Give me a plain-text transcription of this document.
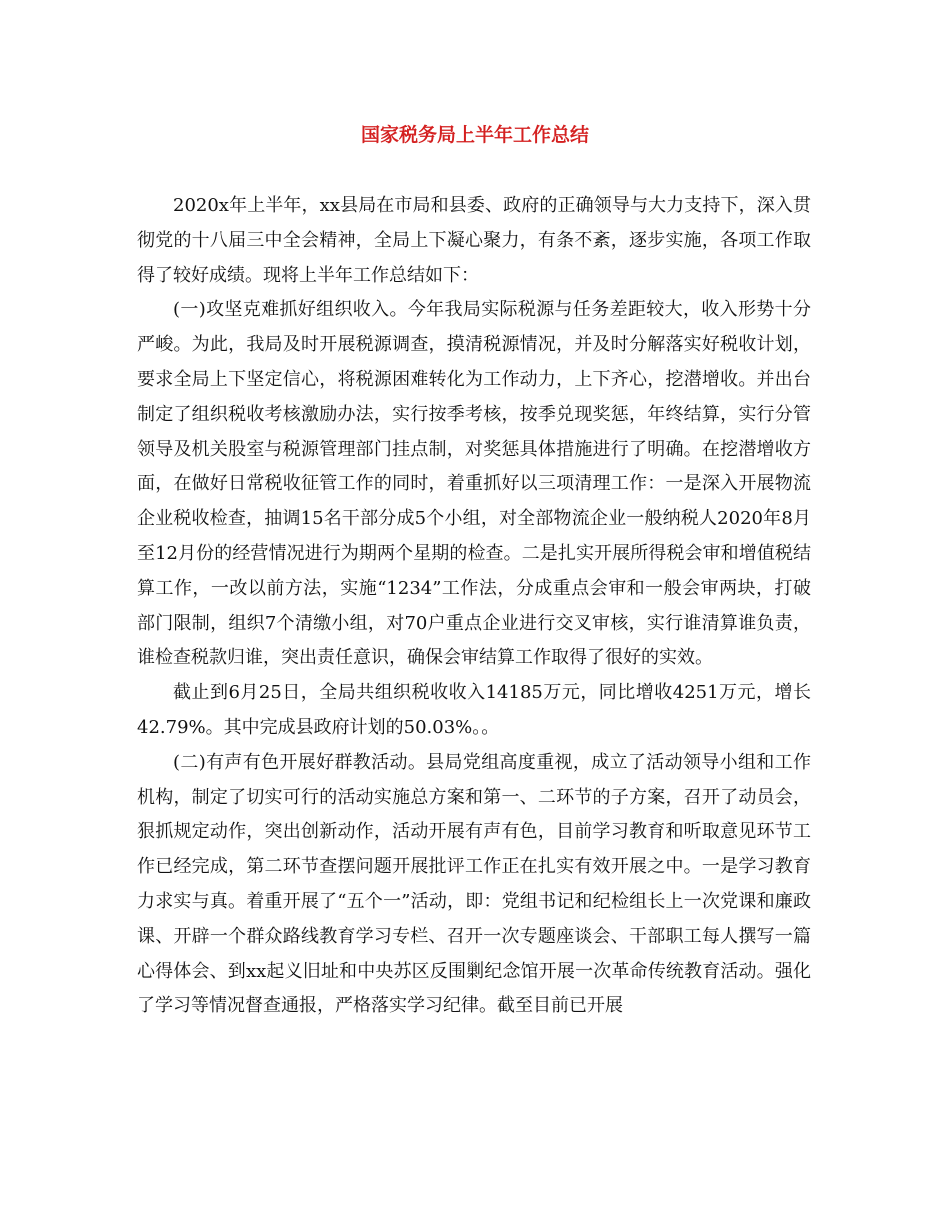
国家税务局上半年工作总结

2020x年上半年，xx县局在市局和县委、政府的正确领导与大力支持下，深入贯彻党的十八届三中全会精神，全局上下凝心聚力，有条不紊，逐步实施，各项工作取得了较好成绩。现将上半年工作总结如下：

(一)攻坚克难抓好组织收入。今年我局实际税源与任务差距较大，收入形势十分严峻。为此，我局及时开展税源调查，摸清税源情况，并及时分解落实好税收计划，要求全局上下坚定信心，将税源困难转化为工作动力，上下齐心，挖潜增收。并出台制定了组织税收考核激励办法，实行按季考核，按季兑现奖惩，年终结算，实行分管领导及机关股室与税源管理部门挂点制，对奖惩具体措施进行了明确。在挖潜增收方面，在做好日常税收征管工作的同时，着重抓好以三项清理工作：一是深入开展物流企业税收检查，抽调15名干部分成5个小组，对全部物流企业一般纳税人2020年8月至12月份的经营情况进行为期两个星期的检查。二是扎实开展所得税会审和增值税结算工作，一改以前方法，实施“1234”工作法，分成重点会审和一般会审两块，打破部门限制，组织7个清缴小组，对70户重点企业进行交叉审核，实行谁清算谁负责，谁检查税款归谁，突出责任意识，确保会审结算工作取得了很好的实效。

截止到6月25日，全局共组织税收收入14185万元，同比增收4251万元，增长42.79%。其中完成县政府计划的50.03%。。

(二)有声有色开展好群教活动。县局党组高度重视，成立了活动领导小组和工作机构，制定了切实可行的活动实施总方案和第一、二环节的子方案，召开了动员会，狠抓规定动作，突出创新动作，活动开展有声有色，目前学习教育和听取意见环节工作已经完成，第二环节查摆问题开展批评工作正在扎实有效开展之中。一是学习教育力求实与真。着重开展了“五个一”活动，即：党组书记和纪检组长上一次党课和廉政课、开辟一个群众路线教育学习专栏、召开一次专题座谈会、干部职工每人撰写一篇心得体会、到xx起义旧址和中央苏区反围剿纪念馆开展一次革命传统教育活动。强化了学习等情况督查通报，严格落实学习纪律。截至目前已开展
